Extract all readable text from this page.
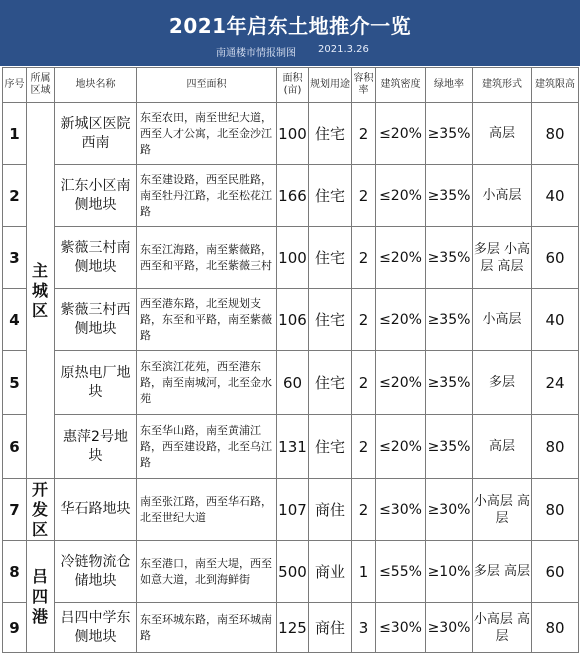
2021年启东土地推介一览
南通楼市情报制图 2021.3.26
序号	所属区域	地块名称	四至面积	面积(亩)	规划用途	容积率	建筑密度	绿地率	建筑形式	建筑限高
1	主城区	新城区医院西南	东至农田，南至世纪大道，西至人才公寓，北至金沙江路	100	住宅	2	≤20%	≥35%	高层	80
2		汇东小区南侧地块	东至建设路，西至民胜路，南至牡丹江路，北至松花江路	166	住宅	2	≤20%	≥35%	小高层	40
3		紫薇三村南侧地块	东至江海路，南至紫薇路，西至和平路，北至紫薇三村	100	住宅	2	≤20%	≥35%	多层 小高层 高层	60
4		紫薇三村西侧地块	西至港东路，北至规划支路，东至和平路，南至紫薇路	106	住宅	2	≤20%	≥35%	小高层	40
5		原热电厂地块	东至滨江花苑，西至港东路，南至南城河，北至金水苑	60	住宅	2	≤20%	≥35%	多层	24
6		惠萍2号地块	东至华山路，南至黄浦江路，西至建设路，北至乌江路	131	住宅	2	≤20%	≥35%	高层	80
7	开发区	华石路地块	南至张江路，西至华石路，北至世纪大道	107	商住	2	≤30%	≥30%	小高层 高层	80
8	吕四港	冷链物流仓储地块	东至港口，南至大堤，西至如意大道，北到海鲜街	500	商业	1	≤55%	≥10%	多层 高层	60
9		吕四中学东侧地块	东至环城东路，南至环城南路	125	商住	3	≤30%	≥30%	小高层 高层	80
